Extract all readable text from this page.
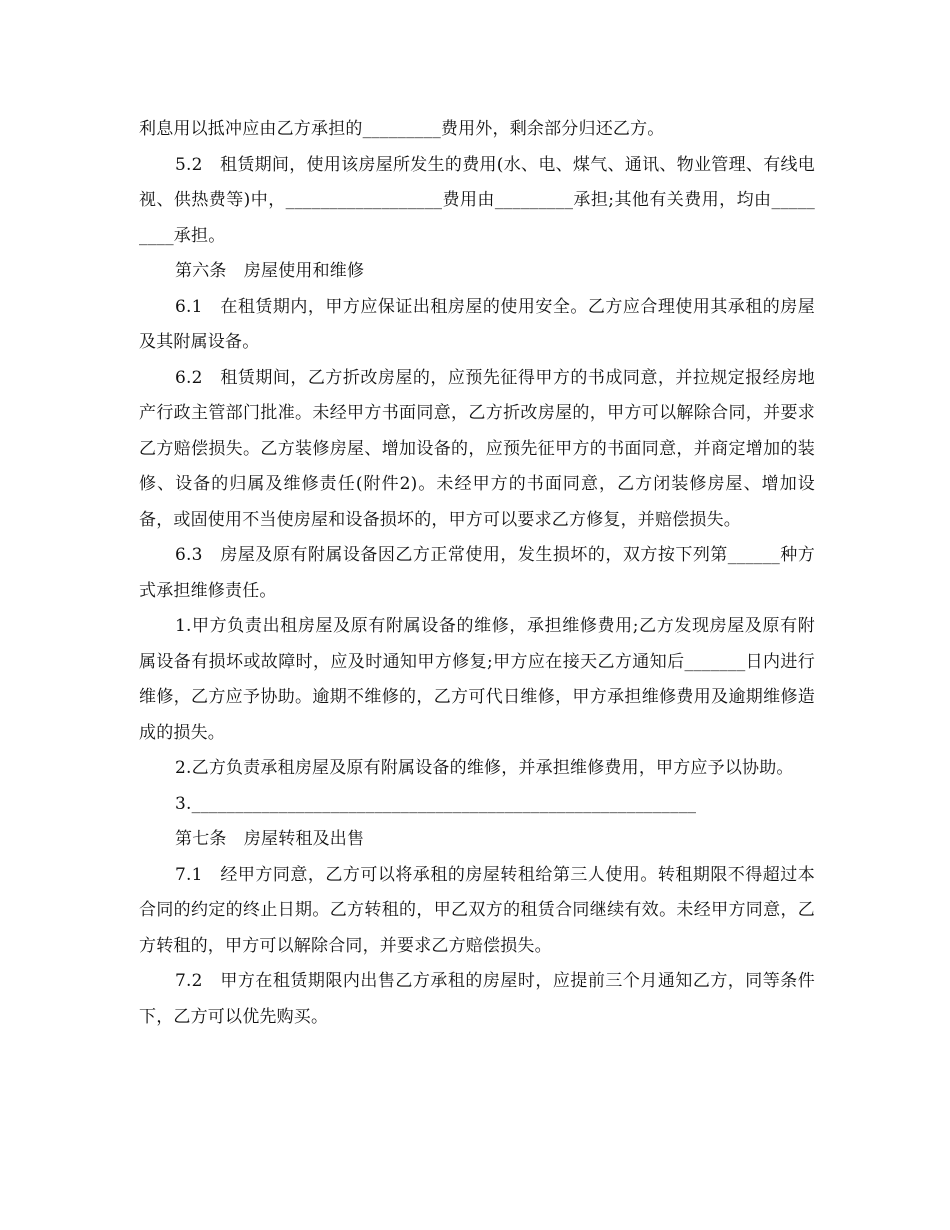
利息用以抵冲应由乙方承担的_________费用外，剩余部分归还乙方。

5.2　租赁期间，使用该房屋所发生的费用(水、电、煤气、通讯、物业管理、有线电视、供热费等)中，__________________费用由_________承担;其他有关费用，均由_________承担。

第六条　房屋使用和维修

6.1　在租赁期内，甲方应保证出租房屋的使用安全。乙方应合理使用其承租的房屋及其附属设备。

6.2　租赁期间，乙方折改房屋的，应预先征得甲方的书成同意，并拉规定报经房地产行政主管部门批准。未经甲方书面同意，乙方折改房屋的，甲方可以解除合同，并要求乙方赔偿损失。乙方装修房屋、增加设备的，应预先征甲方的书面同意，并商定增加的装修、设备的归属及维修责任(附件2)。未经甲方的书面同意，乙方闭装修房屋、增加设备，或固使用不当使房屋和设备损坏的，甲方可以要求乙方修复，并赔偿损失。

6.3　房屋及原有附属设备因乙方正常使用，发生损坏的，双方按下列第______种方式承担维修责任。

1.甲方负责出租房屋及原有附属设备的维修，承担维修费用;乙方发现房屋及原有附属设备有损坏或故障时，应及时通知甲方修复;甲方应在接天乙方通知后_______日内进行维修，乙方应予协助。逾期不维修的，乙方可代日维修，甲方承担维修费用及逾期维修造成的损失。

2.乙方负责承租房屋及原有附属设备的维修，并承担维修费用，甲方应予以协助。

3.__________________________________________________________

第七条　房屋转租及出售

7.1　经甲方同意，乙方可以将承租的房屋转租给第三人使用。转租期限不得超过本合同的约定的终止日期。乙方转租的，甲乙双方的租赁合同继续有效。未经甲方同意，乙方转租的，甲方可以解除合同，并要求乙方赔偿损失。

7.2　甲方在租赁期限内出售乙方承租的房屋时，应提前三个月通知乙方，同等条件下，乙方可以优先购买。
